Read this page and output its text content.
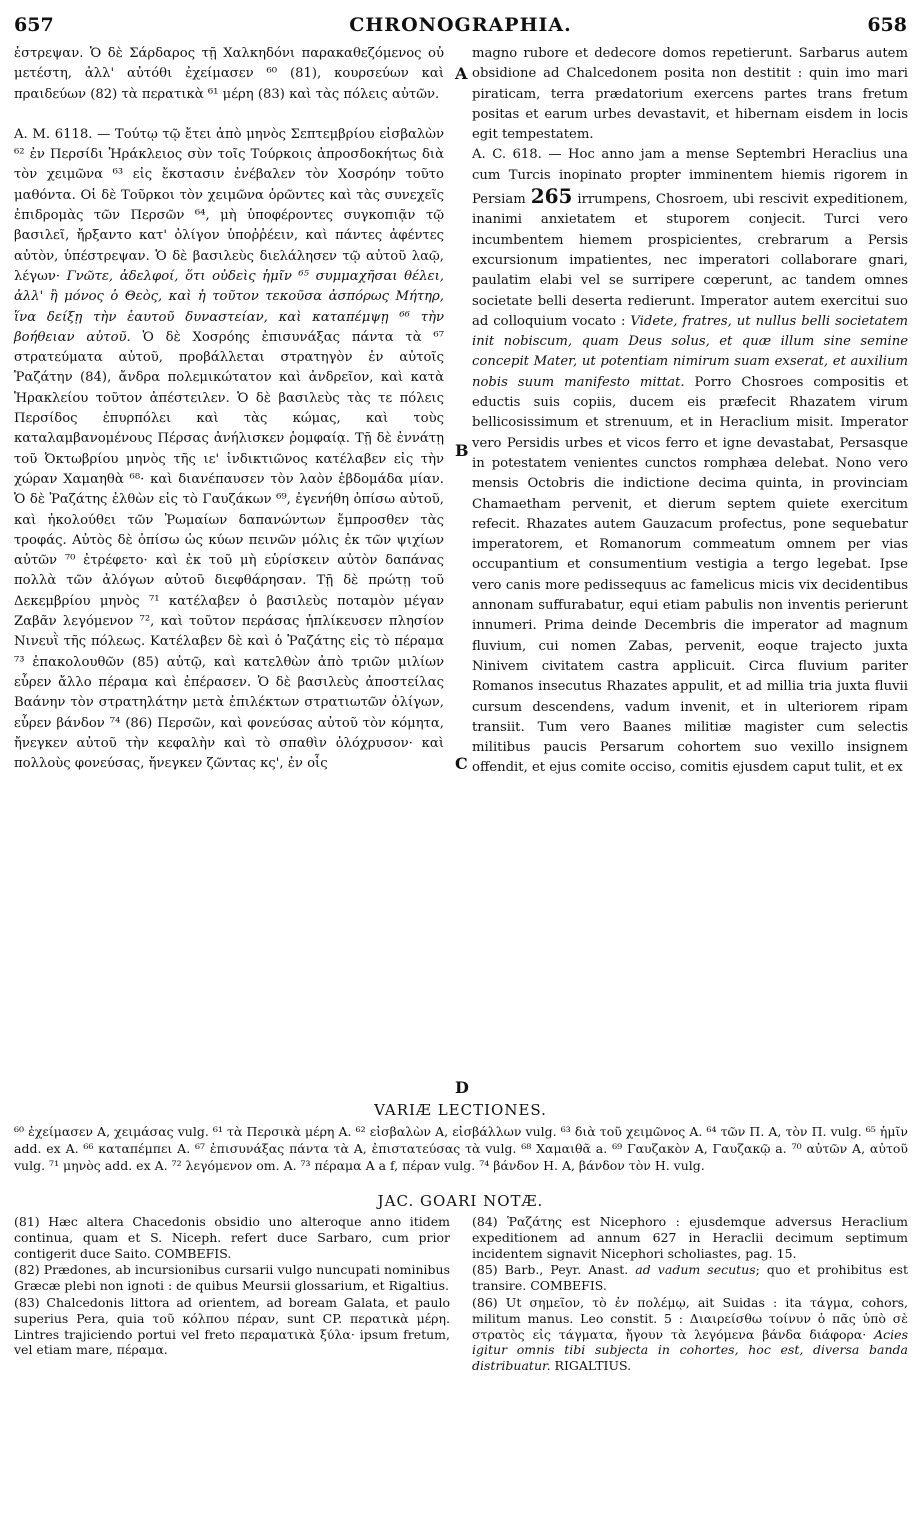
657	CHRONOGRAPHIA.	658

ἐστρεψαν. Ὁ δὲ Σάρδαρος τῇ Χαλκηδόνι παρακαθεζόμενος οὐ μετέστη, ἀλλ' αὐτόθι ἐχείμασεν ⁶⁰ (81), κουρσεύων καὶ πραιδεύων (82) τὰ περατικὰ ⁶¹ μέρη (83) καὶ τὰς πόλεις αὐτῶν.

A. M. 6118. — Τούτῳ τῷ ἔτει ἀπὸ μηνὸς Σεπτεμβρίου εἰσβαλὼν ⁶² ἐν Περσίδι Ἡράκλειος σὺν τοῖς Τούρκοις ἀπροσδοκήτως διὰ τὸν χειμῶνα ⁶³ εἰς ἔκστασιν ἐνέβαλεν τὸν Χοσρόην τοῦτο μαθόντα. Οἱ δὲ Τοῦρκοι τὸν χειμῶνα ὁρῶντες καὶ τὰς συνεχεῖς ἐπιδρομὰς τῶν Περσῶν ⁶⁴, μὴ ὑποφέροντες συγκοπιᾷν τῷ βασιλεῖ, ἤρξαντο κατ' ὀλίγον ὑποῤῥέειν, καὶ πάντες ἀφέντες αὐτὸν, ὑπέστρεψαν. Ὁ δὲ βασιλεὺς διελάλησεν τῷ αὐτοῦ λαῷ, λέγων· Γνῶτε, ἀδελφοί, ὅτι οὐδεὶς ἡμῖν ⁶⁵ συμμαχῆσαι θέλει, ἀλλ' ἢ μόνος ὁ Θεὸς, καὶ ἡ τοῦτον τεκοῦσα ἀσπόρως Μήτηρ, ἵνα δείξῃ τὴν ἑαυτοῦ δυναστείαν, καὶ καταπέμψῃ ⁶⁶ τὴν βοήθειαν αὐτοῦ. Ὁ δὲ Χοσρόης ἐπισυνάξας πάντα τὰ ⁶⁷ στρατεύματα αὐτοῦ, προβάλλεται στρατηγὸν ἐν αὐτοῖς Ῥαζάτην (84), ἄνδρα πολεμικώτατον καὶ ἀνδρεῖον, καὶ κατὰ Ἡρακλείου τοῦτον ἀπέστειλεν. Ὁ δὲ βασιλεὺς τὰς τε πόλεις Περσίδος ἐπυρπόλει καὶ τὰς κώμας, καὶ τοὺς καταλαμβανομένους Πέρσας ἀνήλισκεν ῥομφαίᾳ. Τῇ δὲ ἐννάτῃ τοῦ Ὀκτωβρίου μηνὸς τῆς ιε' ἰνδικτιῶνος κατέλαβεν εἰς τὴν χώραν Χαμαηθὰ ⁶⁸· καὶ διανέπαυσεν τὸν λαὸν ἑβδομάδα μίαν. Ὁ δὲ Ῥαζάτης ἐλθὼν εἰς τὸ Γαυζάκων ⁶⁹, ἐγενήθη ὀπίσω αὐτοῦ, καὶ ἠκολούθει τῶν Ῥωμαίων δαπανώντων ἔμπροσθεν τὰς τροφάς. Αὐτὸς δὲ ὀπίσω ὡς κύων πεινῶν μόλις ἐκ τῶν ψιχίων αὐτῶν ⁷⁰ ἐτρέφετο· καὶ ἐκ τοῦ μὴ εὑρίσκειν αὐτὸν δαπάνας πολλὰ τῶν ἀλόγων αὐτοῦ διεφθάρησαν. Τῇ δὲ πρώτῃ τοῦ Δεκεμβρίου μηνὸς ⁷¹ κατέλαβεν ὁ βασιλεὺς ποταμὸν μέγαν Ζαβᾶν λεγόμενον ⁷², καὶ τοῦτον περάσας ἠπλίκευσεν πλησίον Νινευῒ τῆς πόλεως. Κατέλαβεν δὲ καὶ ὁ Ῥαζάτης εἰς τὸ πέραμα ⁷³ ἐπακολουθῶν (85) αὐτῷ, καὶ κατελθὼν ἀπὸ τριῶν μιλίων εὗρεν ἄλλο πέραμα καὶ ἐπέρασεν. Ὁ δὲ βασιλεὺς ἀποστείλας Βαάνην τὸν στρατηλάτην μετὰ ἐπιλέκτων στρατιωτῶν ὀλίγων, εὗρεν βάνδον ⁷⁴ (86) Περσῶν, καὶ φονεύσας αὐτοῦ τὸν κόμητα, ἤνεγκεν αὐτοῦ τὴν κεφαλὴν καὶ τὸ σπαθὶν ὁλόχρυσον· καὶ πολλοὺς φονεύσας, ἤνεγκεν ζῶντας κς', ἐν οἷς

A
B
C
D

magno rubore et dedecore domos repetierunt. Sarbarus autem obsidione ad Chalcedonem posita non destitit : quin imo mari piraticam, terra prædatorium exercens partes trans fretum positas et earum urbes devastavit, et hibernam eisdem in locis egit tempestatem.

A. C. 618. — Hoc anno jam a mense Septembri Heraclius una cum Turcis inopinato propter imminentem hiemis rigorem in Persiam 265 irrumpens, Chosroem, ubi rescivit expeditionem, inanimi anxietatem et stuporem conjecit. Turci vero incumbentem hiemem prospicientes, crebrarum a Persis excursionum impatientes, nec imperatori collaborare gnari, paulatim elabi vel se surripere cœperunt, ac tandem omnes societate belli deserta redierunt. Imperator autem exercitui suo ad colloquium vocato : Videte, fratres, ut nullus belli societatem init nobiscum, quam Deus solus, et quæ illum sine semine concepit Mater, ut potentiam nimirum suam exserat, et auxilium nobis suum manifesto mittat. Porro Chosroes compositis et eductis suis copiis, ducem eis præfecit Rhazatem virum bellicosissimum et strenuum, et in Heraclium misit. Imperator vero Persidis urbes et vicos ferro et igne devastabat, Persasque in potestatem venientes cunctos romphæa delebat. Nono vero mensis Octobris die indictione decima quinta, in provinciam Chamaetham pervenit, et dierum septem quiete exercitum refecit. Rhazates autem Gauzacum profectus, pone sequebatur imperatorem, et Romanorum commeatum omnem per vias occupantium et consumentium vestigia a tergo legebat. Ipse vero canis more pedissequus ac famelicus micis vix decidentibus annonam suffurabatur, equi etiam pabulis non inventis perierunt innumeri. Prima deinde Decembris die imperator ad magnum fluvium, cui nomen Zabas, pervenit, eoque trajecto juxta Ninivem civitatem castra applicuit. Circa fluvium pariter Romanos insecutus Rhazates appulit, et ad millia tria juxta fluvii cursum descendens, vadum invenit, et in ulteriorem ripam transiit. Tum vero Baanes militiæ magister cum selectis militibus paucis Persarum cohortem suo vexillo insignem offendit, et ejus comite occiso, comitis ejusdem caput tulit, et ex

VARIÆ LECTIONES.
⁶⁰ ἐχείμασεν A, χειμάσας vulg. ⁶¹ τὰ Περσικὰ μέρη A. ⁶² εἰσβαλὼν A, εἰσβάλλων vulg. ⁶³ διὰ τοῦ χειμῶνος A. ⁶⁴ τῶν Π. A, τὸν Π. vulg. ⁶⁵ ἡμῖν add. ex A. ⁶⁶ καταπέμπει A. ⁶⁷ ἐπισυνάξας πάντα τὰ A, ἐπιστατεύσας τὰ vulg. ⁶⁸ Χαμαιθᾶ a. ⁶⁹ Γαυζακὸν A, Γαυζακῷ a. ⁷⁰ αὐτῶν A, αὐτοῦ vulg. ⁷¹ μηνὸς add. ex A. ⁷² λεγόμενον om. A. ⁷³ πέραμα A a f, πέραν vulg. ⁷⁴ βάνδον H. A, βάνδον τὸν H. vulg.
JAC. GOARI NOTÆ.

(81) Hæc altera Chacedonis obsidio uno alteroque anno itidem continua, quam et S. Niceph. refert duce Sarbaro, cum prior contigerit duce Saito. COMBEFIS.

(82) Prædones, ab incursionibus cursarii vulgo nuncupati nominibus Græcæ plebi non ignoti : de quibus Meursii glossarium, et Rigaltius.

(83) Chalcedonis littora ad orientem, ad boream Galata, et paulo superius Pera, quia τοῦ κόλπου πέραν, sunt CP. περατικὰ μέρη. Lintres trajiciendo portui vel freto περαματικὰ ξύλα· ipsum fretum, vel etiam mare, πέραμα.

(84) Ῥαζάτης est Nicephoro : ejusdemque adversus Heraclium expeditionem ad annum 627 in Heraclii decimum septimum incidentem signavit Nicephori scholiastes, pag. 15.

(85) Barb., Peyr. Anast. ad vadum secutus; quo et prohibitus est transire. COMBEFIS.

(86) Ut σημεῖον, τὸ ἐν πολέμῳ, ait Suidas : ita τάγμα, cohors, militum manus. Leo constit. 5 : Διαιρείσθω τοίνυν ὁ πᾶς ὑπὸ σὲ στρατὸς εἰς τάγματα, ἤγουν τὰ λεγόμενα βάνδα διάφορα· Acies igitur omnis tibi subjecta in cohortes, hoc est, diversa banda distribuatur. RIGALTIUS.
